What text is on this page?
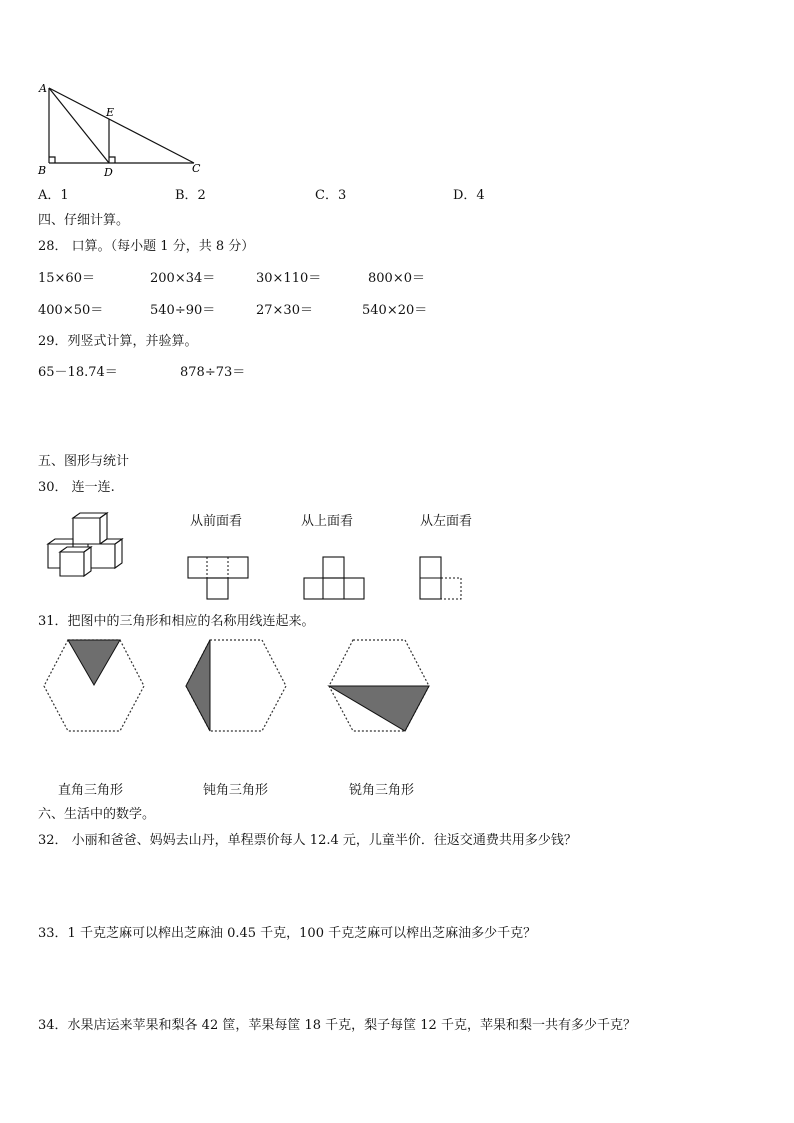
A
E
B	D	C
A．1	B．2	C．3	D．4
四、仔细计算。
28． 口算。（每小题 1 分，共 8 分）
15×60＝	200×34＝	30×110＝	800×0＝
400×50＝	540÷90＝	27×30＝	540×20＝
29．列竖式计算，并验算。
65－18.74＝	878÷73＝
五、图形与统计
30． 连一连.
从前面看	从上面看	从左面看
31．把图中的三角形和相应的名称用线连起来。
直角三角形	钝角三角形	锐角三角形
六、生活中的数学。
32． 小丽和爸爸、妈妈去山丹，单程票价每人 12.4 元，儿童半价．往返交通费共用多少钱？
33．1 千克芝麻可以榨出芝麻油 0.45 千克，100 千克芝麻可以榨出芝麻油多少千克？
34．水果店运来苹果和梨各 42 筐，苹果每筐 18 千克，梨子每筐 12 千克，苹果和梨一共有多少千克？
